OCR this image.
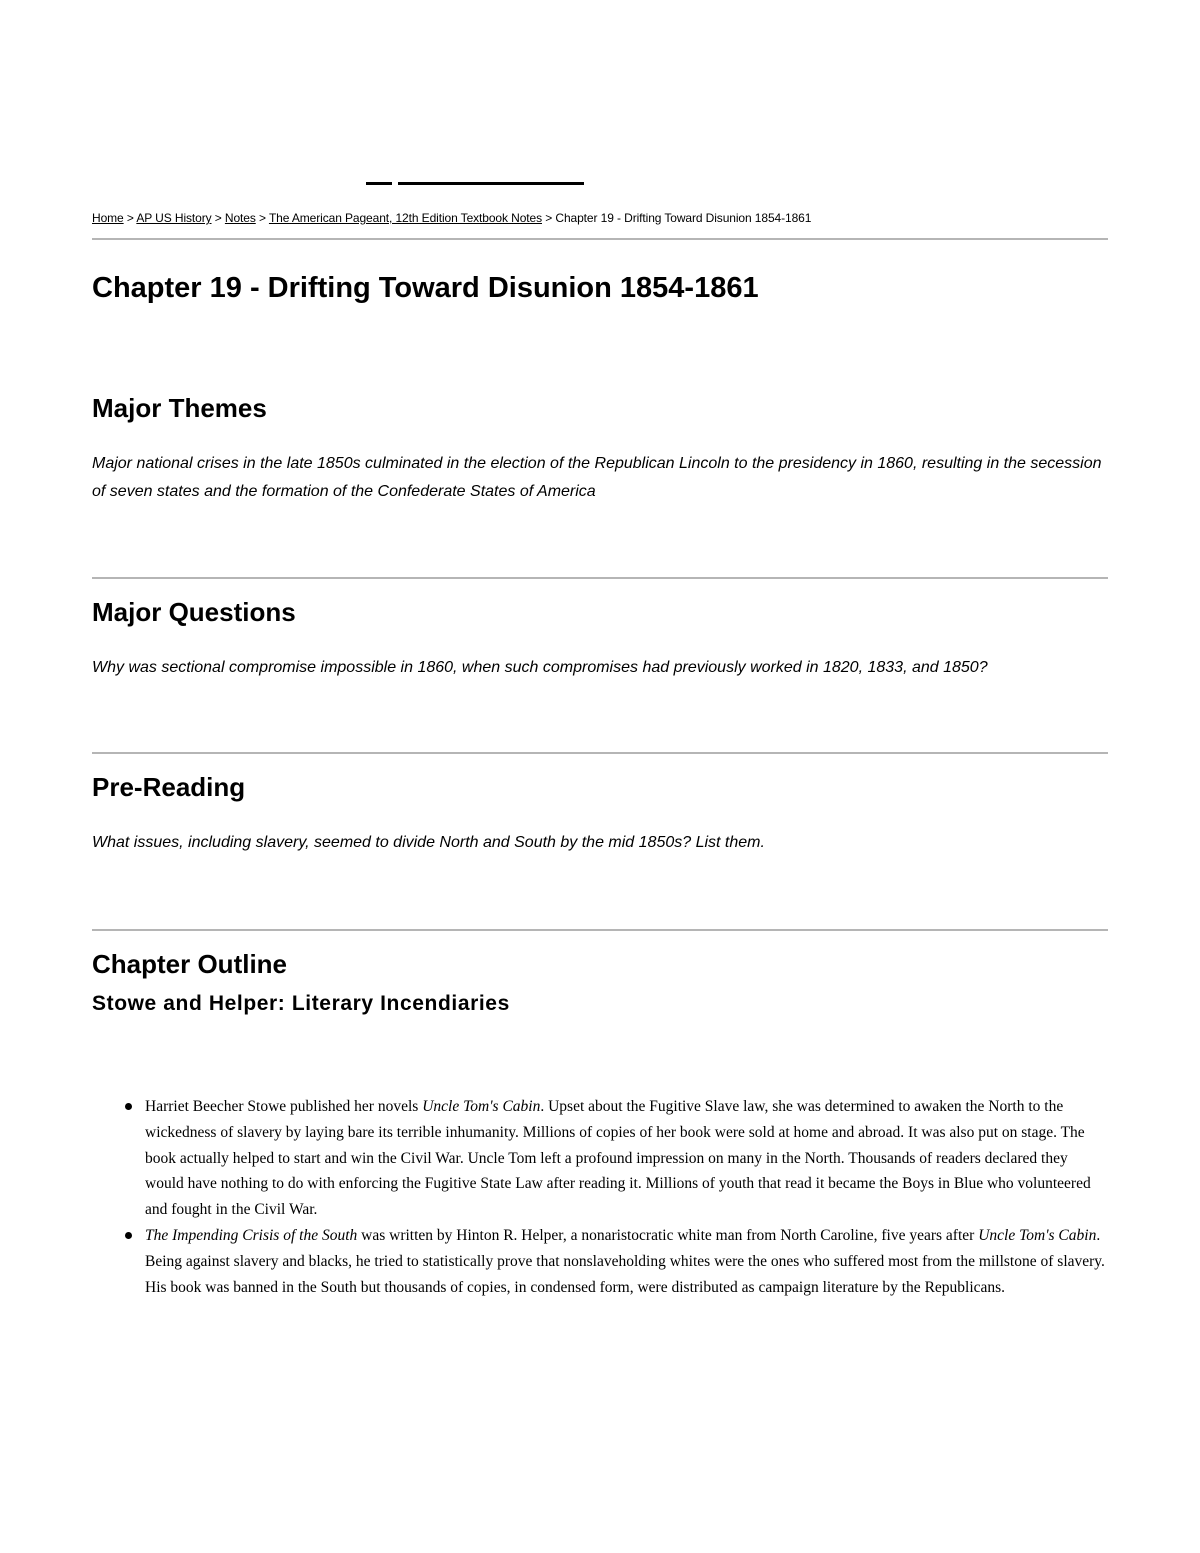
Home > AP US History > Notes > The American Pageant, 12th Edition Textbook Notes > Chapter 19 - Drifting Toward Disunion 1854-1861
Chapter 19 - Drifting Toward Disunion 1854-1861
Major Themes

Major national crises in the late 1850s culminated in the election of the Republican Lincoln to the presidency in 1860, resulting in the secession of seven states and the formation of the Confederate States of America

Major Questions

Why was sectional compromise impossible in 1860, when such compromises had previously worked in 1820, 1833, and 1850?

Pre-Reading

What issues, including slavery, seemed to divide North and South by the mid 1850s? List them.

Chapter Outline
Stowe and Helper: Literary Incendiaries
Harriet Beecher Stowe published her novels Uncle Tom's Cabin. Upset about the Fugitive Slave law, she was determined to awaken the North to the wickedness of slavery by laying bare its terrible inhumanity. Millions of copies of her book were sold at home and abroad. It was also put on stage. The book actually helped to start and win the Civil War. Uncle Tom left a profound impression on many in the North. Thousands of readers declared they would have nothing to do with enforcing the Fugitive State Law after reading it. Millions of youth that read it became the Boys in Blue who volunteered and fought in the Civil War.
The Impending Crisis of the South was written by Hinton R. Helper, a nonaristocratic white man from North Caroline, five years after Uncle Tom's Cabin. Being against slavery and blacks, he tried to statistically prove that nonslaveholding whites were the ones who suffered most from the millstone of slavery. His book was banned in the South but thousands of copies, in condensed form, were distributed as campaign literature by the Republicans.
